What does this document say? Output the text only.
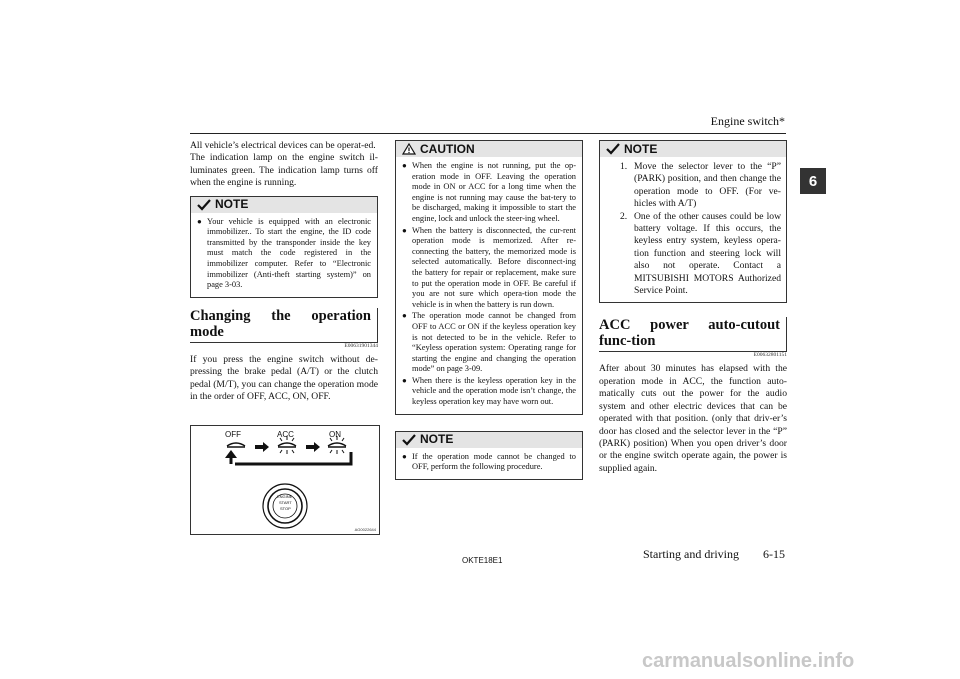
Engine switch*
6

All vehicle’s electrical devices can be operat-ed.

The indication lamp on the engine switch il-luminates green. The indication lamp turns off when the engine is running.

NOTE
● Your vehicle is equipped with an electronic immobilizer.. To start the engine, the ID code transmitted by the transponder inside the key must match the code registered in the immobilizer computer. Refer to “Electronic immobilizer (Anti-theft starting system)” on page 3-03.
Changing the operation mode
E00631901344

If you press the engine switch without de-pressing the brake pedal (A/T) or the clutch pedal (M/T), you can change the operation mode in the order of OFF, ACC, ON, OFF.

OFF	ACC	ON
ENGINE
START
STOP
AG0022644
CAUTION
● When the engine is not running, put the op-eration mode in OFF. Leaving the operation mode in ON or ACC for a long time when the engine is not running may cause the bat-tery to be discharged, making it impossible to start the engine, lock and unlock the steer-ing wheel.
● When the battery is disconnected, the cur-rent operation mode is memorized. After re-connecting the battery, the memorized mode is selected automatically. Before disconnect-ing the battery for repair or replacement, make sure to put the operation mode in OFF. Be careful if you are not sure which opera-tion mode the vehicle is in when the battery is run down.
● The operation mode cannot be changed from OFF to ACC or ON if the keyless operation key is not detected to be in the vehicle. Refer to “Keyless operation system: Operating range for starting the engine and changing the operation mode” on page 3-09.
● When there is the keyless operation key in the vehicle and the operation mode isn’t change, the keyless operation key may have worn out.
NOTE
● If the operation mode cannot be changed to OFF, perform the following procedure.
NOTE
1. Move the selector lever to the “P” (PARK) position, and then change the operation mode to OFF. (For ve-hicles with A/T)
2. One of the other causes could be low battery voltage. If this occurs, the keyless entry system, keyless opera-tion function and steering lock will also not operate. Contact a MITSUBISHI MOTORS Authorized Service Point.
ACC power auto-cutout func-tion
E00632801151

After about 30 minutes has elapsed with the operation mode in ACC, the function auto-matically cuts out the power for the audio system and other electric devices that can be operated with that position. (only that driv-er’s door has closed and the selector lever in the “P” (PARK) position) When you open driver’s door or the engine switch operate again, the power is supplied again.

OKTE18E1	Starting and driving 6-15
carmanualsonline.info
